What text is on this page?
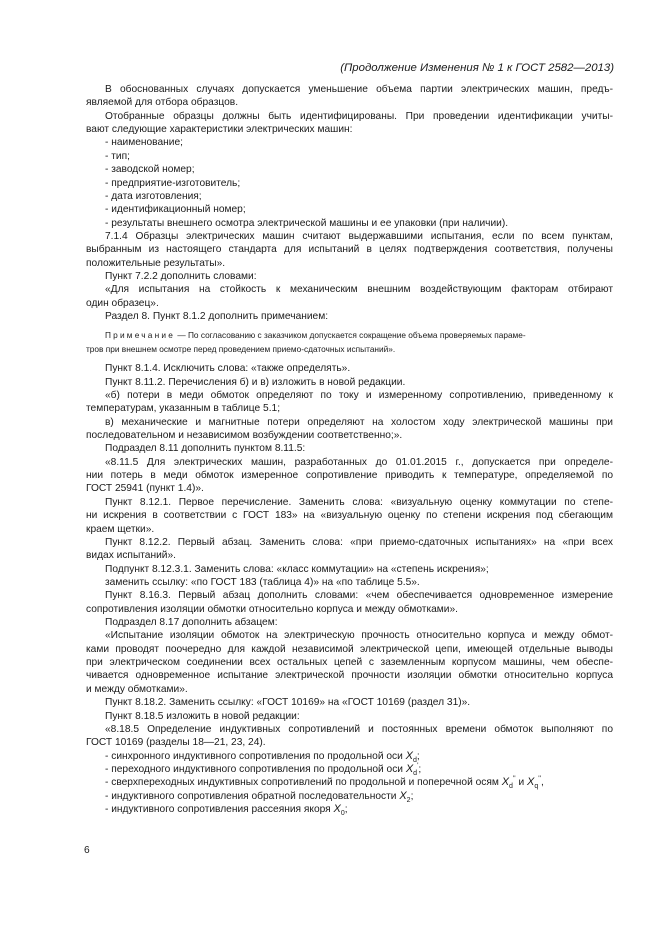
(Продолжение Изменения № 1 к ГОСТ 2582—2013)
В обоснованных случаях допускается уменьшение объема партии электрических машин, предъ-
являемой для отбора образцов.
Отобранные образцы должны быть идентифицированы. При проведении идентификации учиты-
вают следующие характеристики электрических машин:
- наименование;
- тип;
- заводской номер;
- предприятие-изготовитель;
- дата изготовления;
- идентификационный номер;
- результаты внешнего осмотра электрической машины и ее упаковки (при наличии).
7.1.4 Образцы электрических машин считают выдержавшими испытания, если по всем пунктам,
выбранным из настоящего стандарта для испытаний в целях подтверждения соответствия, получены
положительные результаты».
Пункт 7.2.2 дополнить словами:
«Для испытания на стойкость к механическим внешним воздействующим факторам отбирают
один образец».
Раздел 8. Пункт 8.1.2 дополнить примечанием:
Примечание — По согласованию с заказчиком допускается сокращение объема проверяемых параме-
тров при внешнем осмотре перед проведением приемо-сдаточных испытаний».
Пункт 8.1.4. Исключить слова: «также определять».
Пункт 8.11.2. Перечисления б) и в) изложить в новой редакции.
«б) потери в меди обмоток определяют по току и измеренному сопротивлению, приведенному к
температурам, указанным в таблице 5.1;
в) механические и магнитные потери определяют на холостом ходу электрической машины при
последовательном и независимом возбуждении соответственно;».
Подраздел 8.11 дополнить пунктом 8.11.5:
«8.11.5 Для электрических машин, разработанных до 01.01.2015 г., допускается при определе-
нии потерь в меди обмоток измеренное сопротивление приводить к температуре, определяемой по
ГОСТ 25941 (пункт 1.4)».
Пункт 8.12.1. Первое перечисление. Заменить слова: «визуальную оценку коммутации по степе-
ни искрения в соответствии с ГОСТ 183» на «визуальную оценку по степени искрения под сбегающим
краем щетки».
Пункт 8.12.2. Первый абзац. Заменить слова: «при приемо-сдаточных испытаниях» на «при всех
видах испытаний».
Подпункт 8.12.3.1. Заменить слова: «класс коммутации» на «степень искрения»;
заменить ссылку: «по ГОСТ 183 (таблица 4)» на «по таблице 5.5».
Пункт 8.16.3. Первый абзац дополнить словами: «чем обеспечивается одновременное измерение
сопротивления изоляции обмотки относительно корпуса и между обмотками».
Подраздел 8.17 дополнить абзацем:
«Испытание изоляции обмоток на электрическую прочность относительно корпуса и между обмот-
ками проводят поочередно для каждой независимой электрической цепи, имеющей отдельные выводы
при электрическом соединении всех остальных цепей с заземленным корпусом машины, чем обеспе-
чивается одновременное испытание электрической прочности изоляции обмотки относительно корпуса
и между обмотками».
Пункт 8.18.2. Заменить ссылку: «ГОСТ 10169» на «ГОСТ 10169 (раздел 31)».
Пункт 8.18.5 изложить в новой редакции:
«8.18.5 Определение индуктивных сопротивлений и постоянных времени обмоток выполняют по
ГОСТ 10169 (разделы 18—21, 23, 24).
- синхронного индуктивного сопротивления по продольной оси $X_d$;
- переходного индуктивного сопротивления по продольной оси $X_d'$;
- сверхпереходных индуктивных сопротивлений по продольной и поперечной осям $X_d''$ и $X_q''$,
- индуктивного сопротивления обратной последовательности $X_2$;
- индуктивного сопротивления рассеяния якоря $X_0$;
6
